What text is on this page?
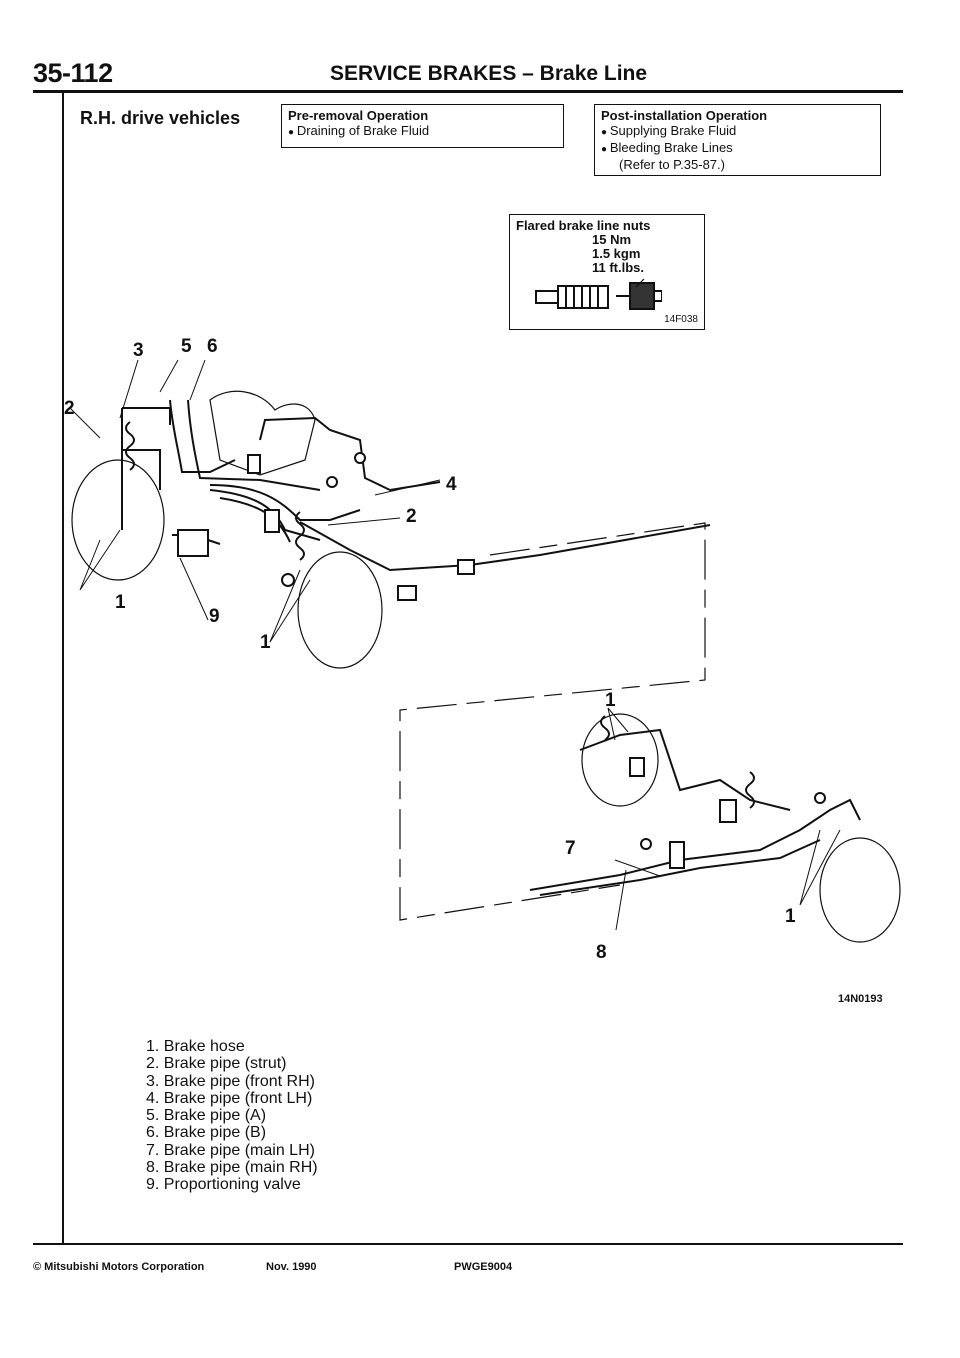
35-112	SERVICE BRAKES – Brake Line
R.H. drive vehicles	Pre-removal Operation
● Draining of Brake Fluid
Post-installation Operation
● Supplying Brake Fluid
● Bleeding Brake Lines
(Refer to P.35-87.)
Flared brake line nuts
15 Nm
1.5 kgm
11 ft.lbs.
14F038
3 5 6
2
4
2
1
9
1
1
7
1
8
14N0193
1. Brake hose
2. Brake pipe (strut)
3. Brake pipe (front RH)
4. Brake pipe (front LH)
5. Brake pipe (A)
6. Brake pipe (B)
7. Brake pipe (main LH)
8. Brake pipe (main RH)
9. Proportioning valve
© Mitsubishi Motors Corporation	Nov. 1990	PWGE9004
